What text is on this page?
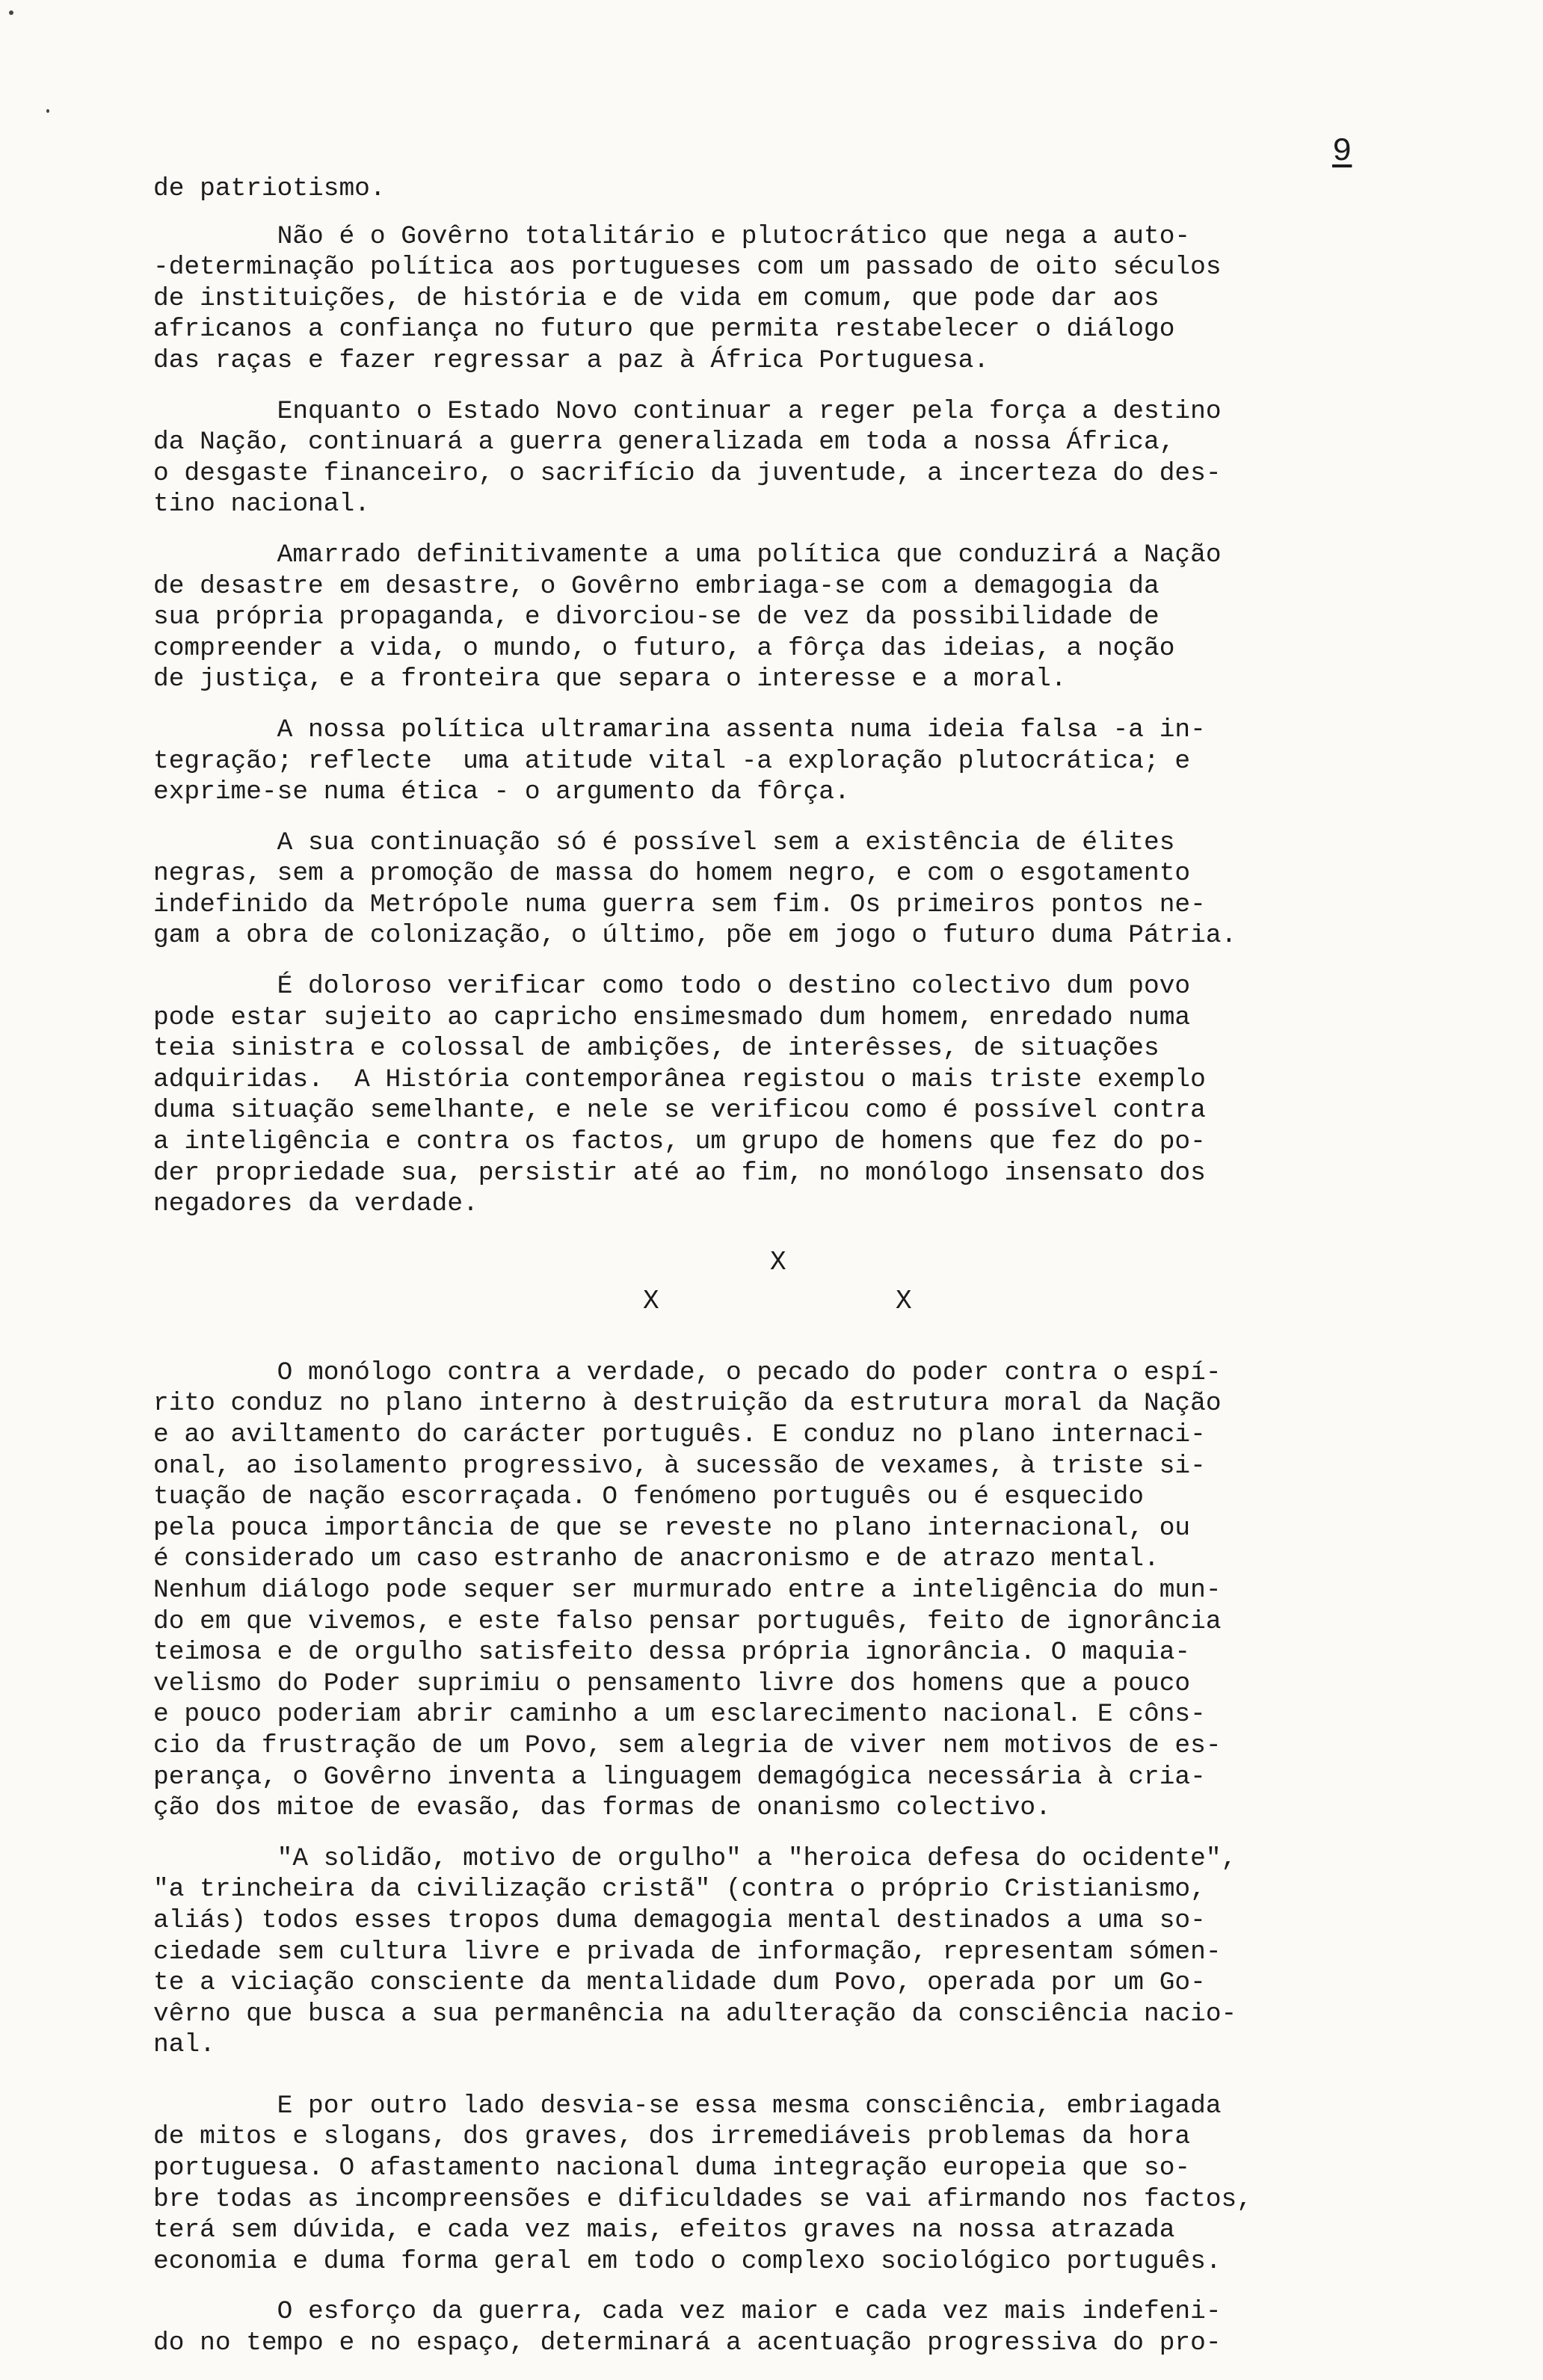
9
de patriotismo.
Não é o Govêrno totalitário e plutocrático que nega a auto-
-determinação política aos portugueses com um passado de oito séculos
de instituições, de história e de vida em comum, que pode dar aos
africanos a confiança no futuro que permita restabelecer o diálogo
das raças e fazer regressar a paz à África Portuguesa.
Enquanto o Estado Novo continuar a reger pela força a destino
da Nação, continuará a guerra generalizada em toda a nossa África,
o desgaste financeiro, o sacrifício da juventude, a incerteza do des-
tino nacional.
Amarrado definitivamente a uma política que conduzirá a Nação
de desastre em desastre, o Govêrno embriaga-se com a demagogia da
sua própria propaganda, e divorciou-se de vez da possibilidade de
compreender a vida, o mundo, o futuro, a fôrça das ideias, a noção
de justiça, e a fronteira que separa o interesse e a moral.
A nossa política ultramarina assenta numa ideia falsa -a in-
tegração; reflecte  uma atitude vital -a exploração plutocrática; e
exprime-se numa ética - o argumento da fôrça.
A sua continuação só é possível sem a existência de élites
negras, sem a promoção de massa do homem negro, e com o esgotamento
indefinido da Metrópole numa guerra sem fim. Os primeiros pontos ne-
gam a obra de colonização, o último, põe em jogo o futuro duma Pátria.
É doloroso verificar como todo o destino colectivo dum povo
pode estar sujeito ao capricho ensimesmado dum homem, enredado numa
teia sinistra e colossal de ambições, de interêsses, de situações
adquiridas.  A História contemporânea registou o mais triste exemplo
duma situação semelhante, e nele se verificou como é possível contra
a inteligência e contra os factos, um grupo de homens que fez do po-
der propriedade sua, persistir até ao fim, no monólogo insensato dos
negadores da verdade.
X
X	X
O monólogo contra a verdade, o pecado do poder contra o espí-
rito conduz no plano interno à destruição da estrutura moral da Nação
e ao aviltamento do carácter português. E conduz no plano internaci-
onal, ao isolamento progressivo, à sucessão de vexames, à triste si-
tuação de nação escorraçada. O fenómeno português ou é esquecido
pela pouca importância de que se reveste no plano internacional, ou
é considerado um caso estranho de anacronismo e de atrazo mental.
Nenhum diálogo pode sequer ser murmurado entre a inteligência do mun-
do em que vivemos, e este falso pensar português, feito de ignorância
teimosa e de orgulho satisfeito dessa própria ignorância. O maquia-
velismo do Poder suprimiu o pensamento livre dos homens que a pouco
e pouco poderiam abrir caminho a um esclarecimento nacional. E côns-
cio da frustração de um Povo, sem alegria de viver nem motivos de es-
perança, o Govêrno inventa a linguagem demagógica necessária à cria-
ção dos mitoe de evasão, das formas de onanismo colectivo.
"A solidão, motivo de orgulho" a "heroica defesa do ocidente",
"a trincheira da civilização cristã" (contra o próprio Cristianismo,
aliás) todos esses tropos duma demagogia mental destinados a uma so-
ciedade sem cultura livre e privada de informação, representam sómen-
te a viciação consciente da mentalidade dum Povo, operada por um Go-
vêrno que busca a sua permanência na adulteração da consciência nacio-
nal.
E por outro lado desvia-se essa mesma consciência, embriagada
de mitos e slogans, dos graves, dos irremediáveis problemas da hora
portuguesa. O afastamento nacional duma integração europeia que so-
bre todas as incompreensões e dificuldades se vai afirmando nos factos,
terá sem dúvida, e cada vez mais, efeitos graves na nossa atrazada
economia e duma forma geral em todo o complexo sociológico português.
O esforço da guerra, cada vez maior e cada vez mais indefeni-
do no tempo e no espaço, determinará a acentuação progressiva do pro-
